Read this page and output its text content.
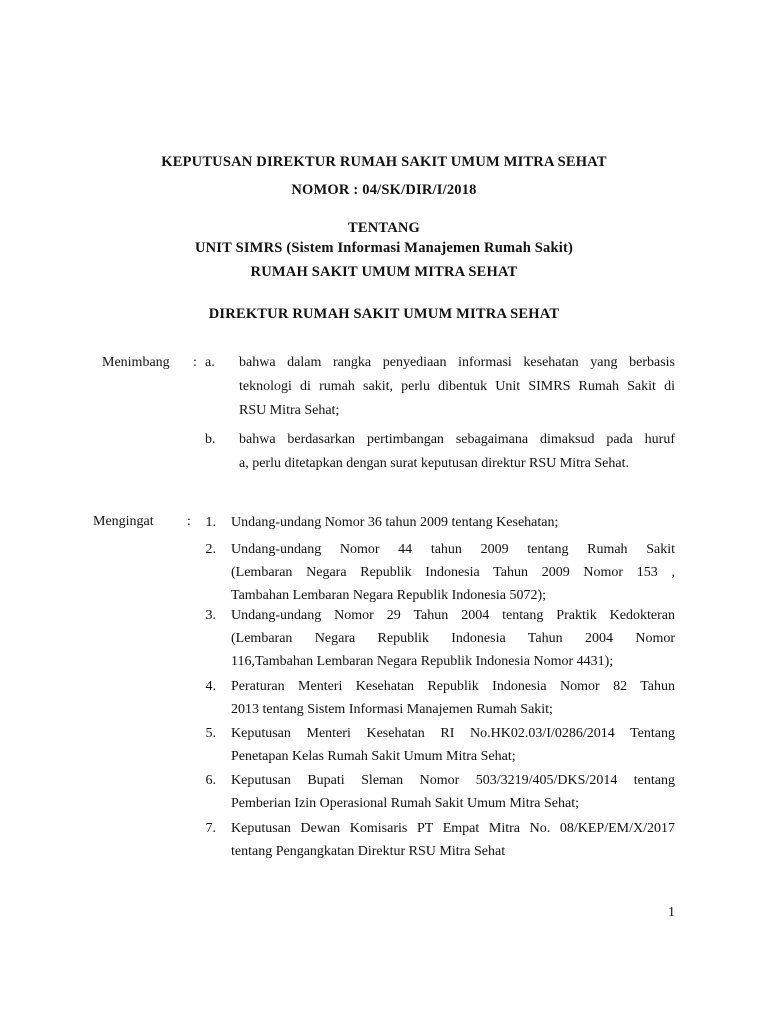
KEPUTUSAN DIREKTUR RUMAH SAKIT UMUM MITRA SEHAT
NOMOR : 04/SK/DIR/I/2018
TENTANG
UNIT SIMRS (Sistem Informasi Manajemen Rumah Sakit)
RUMAH SAKIT UMUM MITRA SEHAT
DIREKTUR RUMAH SAKIT UMUM MITRA SEHAT
Menimbang : a. bahwa dalam rangka penyediaan informasi kesehatan yang berbasis
teknologi di rumah sakit, perlu dibentuk Unit SIMRS Rumah Sakit di
RSU Mitra Sehat;
b. bahwa berdasarkan pertimbangan sebagaimana dimaksud pada huruf
a, perlu ditetapkan dengan surat keputusan direktur RSU Mitra Sehat.
Mengingat :	1. Undang-undang Nomor 36 tahun 2009 tentang Kesehatan;
2. Undang-undang Nomor 44 tahun 2009 tentang Rumah Sakit
(Lembaran Negara Republik Indonesia Tahun 2009 Nomor 153 ,
Tambahan Lembaran Negara Republik Indonesia 5072);
3. Undang-undang Nomor 29 Tahun 2004 tentang Praktik Kedokteran
(Lembaran Negara Republik Indonesia Tahun 2004 Nomor
116,Tambahan Lembaran Negara Republik Indonesia Nomor 4431);
4. Peraturan Menteri Kesehatan Republik Indonesia Nomor 82 Tahun
2013 tentang Sistem Informasi Manajemen Rumah Sakit;
5. Keputusan Menteri Kesehatan RI No.HK02.03/I/0286/2014 Tentang
Penetapan Kelas Rumah Sakit Umum Mitra Sehat;
6. Keputusan Bupati Sleman Nomor 503/3219/405/DKS/2014 tentang
Pemberian Izin Operasional Rumah Sakit Umum Mitra Sehat;
7. Keputusan Dewan Komisaris PT Empat Mitra No. 08/KEP/EM/X/2017
tentang Pengangkatan Direktur RSU Mitra Sehat
1
